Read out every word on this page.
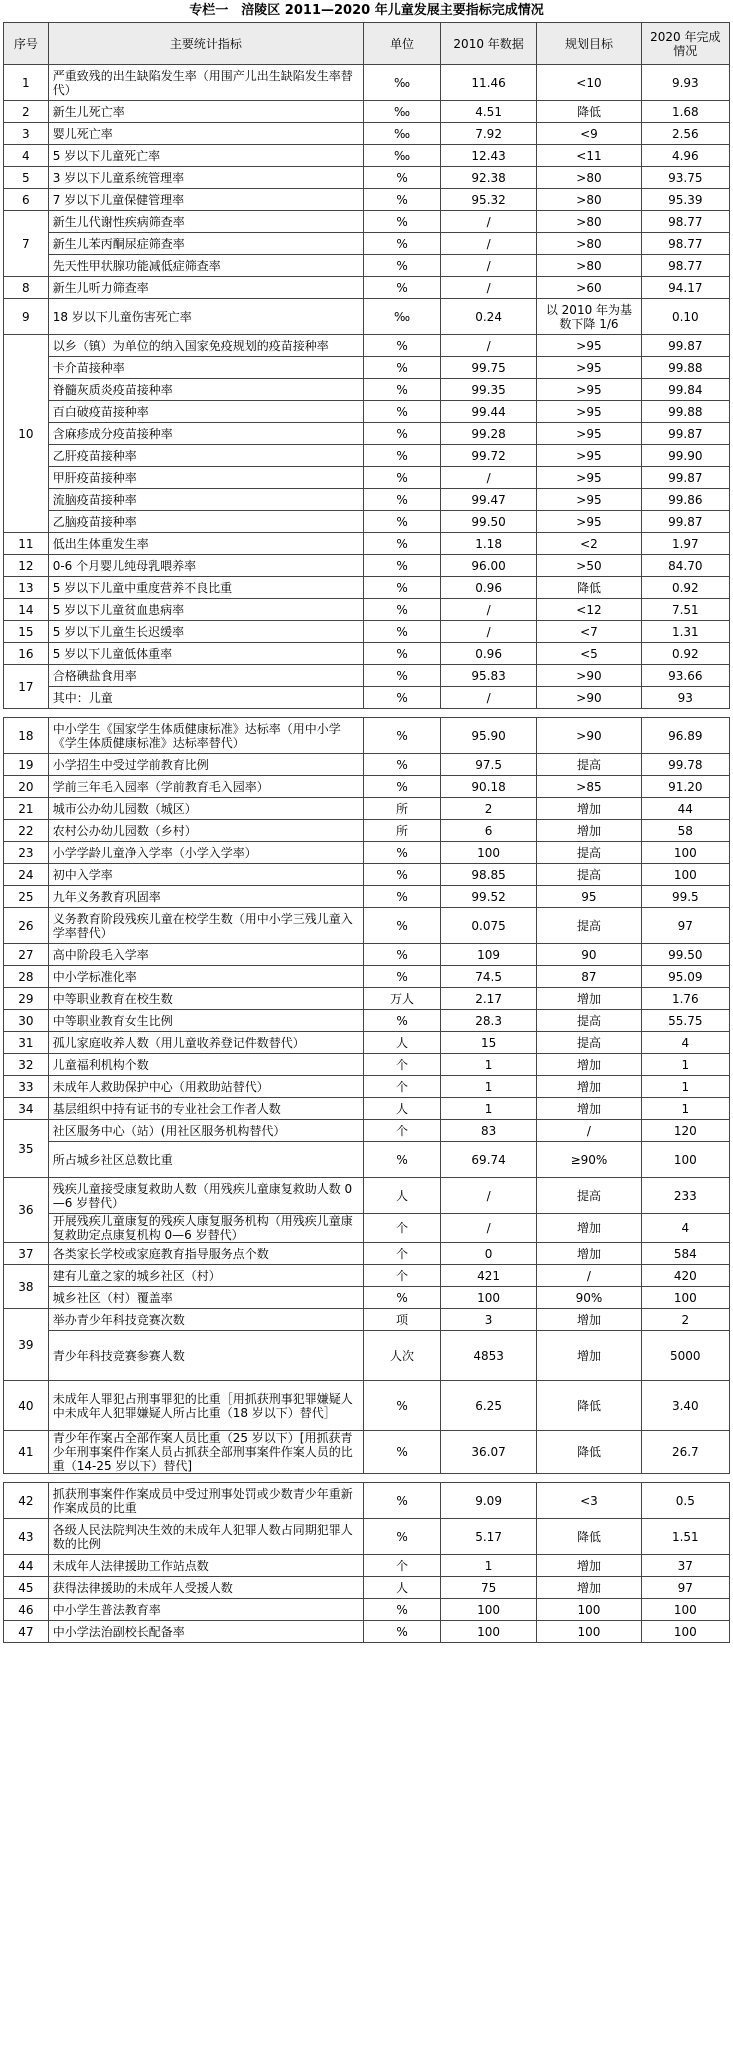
专栏一　涪陵区 2011—2020 年儿童发展主要指标完成情况
序号	主要统计指标	单位	2010 年数据	规划目标	2020 年完成情况
1	严重致残的出生缺陷发生率（用围产儿出生缺陷发生率替代）	‰	11.46	<10	9.93
2	新生儿死亡率	‰	4.51	降低	1.68
3	婴儿死亡率	‰	7.92	<9	2.56
4	5 岁以下儿童死亡率	‰	12.43	<11	4.96
5	3 岁以下儿童系统管理率	%	92.38	>80	93.75
6	7 岁以下儿童保健管理率	%	95.32	>80	95.39
7	新生儿代谢性疾病筛查率	%	/	>80	98.77
	新生儿苯丙酮尿症筛查率	%	/	>80	98.77
	先天性甲状腺功能减低症筛查率	%	/	>80	98.77
8	新生儿听力筛查率	%	/	>60	94.17
9	18 岁以下儿童伤害死亡率	‰	0.24	以 2010 年为基数下降 1/6	0.10
10	以乡（镇）为单位的纳入国家免疫规划的疫苗接种率	%	/	>95	99.87
	卡介苗接种率	%	99.75	>95	99.88
	脊髓灰质炎疫苗接种率	%	99.35	>95	99.84
	百白破疫苗接种率	%	99.44	>95	99.88
	含麻疹成分疫苗接种率	%	99.28	>95	99.87
	乙肝疫苗接种率	%	99.72	>95	99.90
	甲肝疫苗接种率	%	/	>95	99.87
	流脑疫苗接种率	%	99.47	>95	99.86
	乙脑疫苗接种率	%	99.50	>95	99.87
11	低出生体重发生率	%	1.18	<2	1.97
12	0-6 个月婴儿纯母乳喂养率	%	96.00	>50	84.70
13	5 岁以下儿童中重度营养不良比重	%	0.96	降低	0.92
14	5 岁以下儿童贫血患病率	%	/	<12	7.51
15	5 岁以下儿童生长迟缓率	%	/	<7	1.31
16	5 岁以下儿童低体重率	%	0.96	<5	0.92
17	合格碘盐食用率	%	95.83	>90	93.66
	其中：儿童	%	/	>90	93
18	中小学生《国家学生体质健康标准》达标率（用中小学《学生体质健康标准》达标率替代）	%	95.90	>90	96.89
19	小学招生中受过学前教育比例	%	97.5	提高	99.78
20	学前三年毛入园率（学前教育毛入园率）	%	90.18	>85	91.20
21	城市公办幼儿园数（城区）	所	2	增加	44
22	农村公办幼儿园数（乡村）	所	6	增加	58
23	小学学龄儿童净入学率（小学入学率）	%	100	提高	100
24	初中入学率	%	98.85	提高	100
25	九年义务教育巩固率	%	99.52	95	99.5
26	义务教育阶段残疾儿童在校学生数（用中小学三残儿童入学率替代）	%	0.075	提高	97
27	高中阶段毛入学率	%	109	90	99.50
28	中小学标准化率	%	74.5	87	95.09
29	中等职业教育在校生数	万人	2.17	增加	1.76
30	中等职业教育女生比例	%	28.3	提高	55.75
31	孤儿家庭收养人数（用儿童收养登记件数替代）	人	15	提高	4
32	儿童福利机构个数	个	1	增加	1
33	未成年人救助保护中心（用救助站替代）	个	1	增加	1
34	基层组织中持有证书的专业社会工作者人数	人	1	增加	1
35	社区服务中心（站）(用社区服务机构替代）	个	83	/	120
	所占城乡社区总数比重	%	69.74	≥90%	100
36	残疾儿童接受康复救助人数（用残疾儿童康复救助人数 0—6 岁替代）	人	/	提高	233
	开展残疾儿童康复的残疾人康复服务机构（用残疾儿童康复救助定点康复机构 0—6 岁替代）	个	/	增加	4
37	各类家长学校或家庭教育指导服务点个数	个	0	增加	584
38	建有儿童之家的城乡社区（村）	个	421	/	420
	城乡社区（村）覆盖率	%	100	90%	100
39	举办青少年科技竞赛次数	项	3	增加	2
	青少年科技竞赛参赛人数	人次	4853	增加	5000
40	未成年人罪犯占刑事罪犯的比重［用抓获刑事犯罪嫌疑人中未成年人犯罪嫌疑人所占比重（18 岁以下）替代］	%	6.25	降低	3.40
41	青少年作案占全部作案人员比重（25 岁以下）[用抓获青少年刑事案件作案人员占抓获全部刑事案件作案人员的比重（14-25 岁以下）替代]	%	36.07	降低	26.7
42	抓获刑事案件作案成员中受过刑事处罚或少数青少年重新作案成员的比重	%	9.09	<3	0.5
43	各级人民法院判决生效的未成年人犯罪人数占同期犯罪人数的比例	%	5.17	降低	1.51
44	未成年人法律援助工作站点数	个	1	增加	37
45	获得法律援助的未成年人受援人数	人	75	增加	97
46	中小学生普法教育率	%	100	100	100
47	中小学法治副校长配备率	%	100	100	100
